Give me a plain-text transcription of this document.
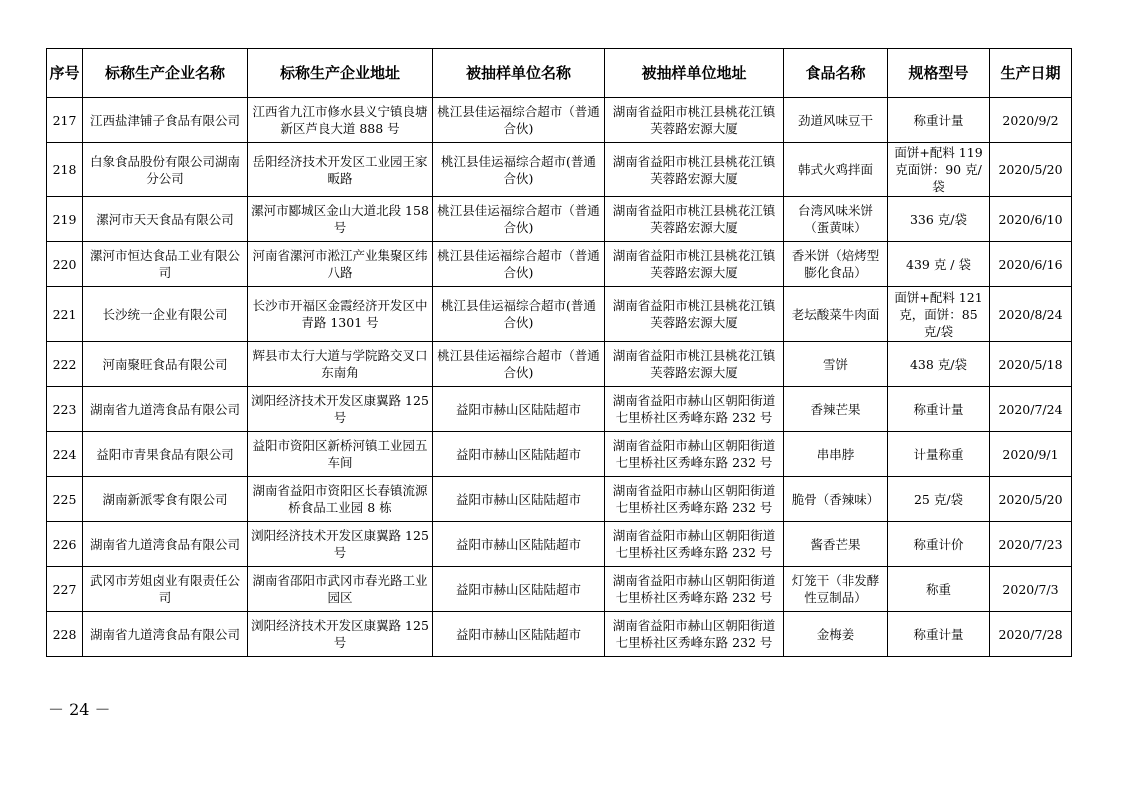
序号	标称生产企业名称	标称生产企业地址	被抽样单位名称	被抽样单位地址	食品名称	规格型号	生产日期
217	江西盐津铺子食品有限公司	江西省九江市修水县义宁镇良塘新区芦良大道 888 号	桃江县佳运福综合超市（普通合伙)	湖南省益阳市桃江县桃花江镇芙蓉路宏源大厦	劲道风味豆干	称重计量	2020/9/2
218	白象食品股份有限公司湖南分公司	岳阳经济技术开发区工业园王家畈路	桃江县佳运福综合超市(普通合伙)	湖南省益阳市桃江县桃花江镇芙蓉路宏源大厦	韩式火鸡拌面	面饼+配料 119 克面饼：90 克/袋	2020/5/20
219	漯河市天天食品有限公司	漯河市郾城区金山大道北段 158 号	桃江县佳运福综合超市（普通合伙)	湖南省益阳市桃江县桃花江镇芙蓉路宏源大厦	台湾风味米饼（蛋黄味）	336 克/袋	2020/6/10
220	漯河市恒达食品工业有限公司	河南省漯河市淞江产业集聚区纬八路	桃江县佳运福综合超市（普通合伙)	湖南省益阳市桃江县桃花江镇芙蓉路宏源大厦	香米饼（焙烤型膨化食品）	439 克 / 袋	2020/6/16
221	长沙统一企业有限公司	长沙市开福区金霞经济开发区中青路 1301 号	桃江县佳运福综合超市(普通合伙)	湖南省益阳市桃江县桃花江镇芙蓉路宏源大厦	老坛酸菜牛肉面	面饼+配料 121 克，面饼：85 克/袋	2020/8/24
222	河南聚旺食品有限公司	辉县市太行大道与学院路交叉口东南角	桃江县佳运福综合超市（普通合伙)	湖南省益阳市桃江县桃花江镇芙蓉路宏源大厦	雪饼	438 克/袋	2020/5/18
223	湖南省九道湾食品有限公司	浏阳经济技术开发区康翼路 125 号	益阳市赫山区陆陆超市	湖南省益阳市赫山区朝阳街道七里桥社区秀峰东路 232 号	香辣芒果	称重计量	2020/7/24
224	益阳市青果食品有限公司	益阳市资阳区新桥河镇工业园五车间	益阳市赫山区陆陆超市	湖南省益阳市赫山区朝阳街道七里桥社区秀峰东路 232 号	串串脖	计量称重	2020/9/1
225	湖南新派零食有限公司	湖南省益阳市资阳区长春镇流源桥食品工业园 8 栋	益阳市赫山区陆陆超市	湖南省益阳市赫山区朝阳街道七里桥社区秀峰东路 232 号	脆骨（香辣味）	25 克/袋	2020/5/20
226	湖南省九道湾食品有限公司	浏阳经济技术开发区康翼路 125 号	益阳市赫山区陆陆超市	湖南省益阳市赫山区朝阳街道七里桥社区秀峰东路 232 号	酱香芒果	称重计价	2020/7/23
227	武冈市芳姐卤业有限责任公司	湖南省邵阳市武冈市春光路工业园区	益阳市赫山区陆陆超市	湖南省益阳市赫山区朝阳街道七里桥社区秀峰东路 232 号	灯笼干（非发酵性豆制品）	称重	2020/7/3
228	湖南省九道湾食品有限公司	浏阳经济技术开发区康翼路 125 号	益阳市赫山区陆陆超市	湖南省益阳市赫山区朝阳街道七里桥社区秀峰东路 232 号	金梅姜	称重计量	2020/7/28
－ 24 －
